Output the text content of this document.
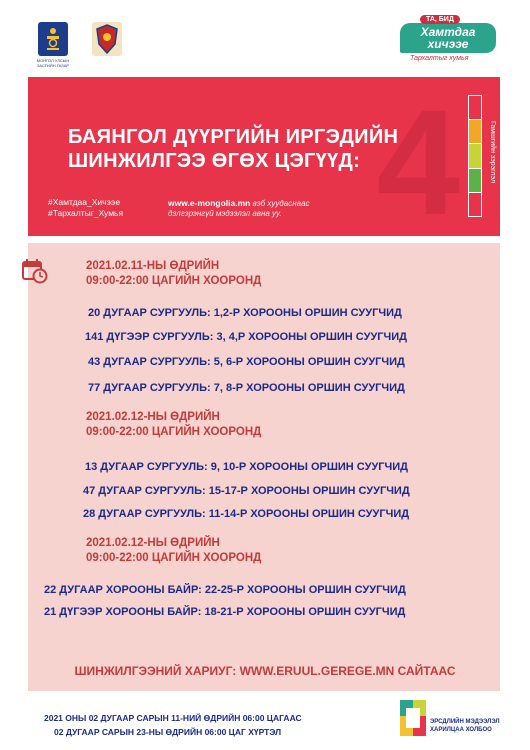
МОНГОЛ УЛСЫН ЗАСГИЙН ГАЗАР
Хамтдаа
хичээе
ТА, БИД
Тархалтыг хумья
4
БАЯНГОЛ ДҮҮРГИЙН ИРГЭДИЙН
ШИНЖИЛГЭЭ ӨГӨХ ЦЭГҮҮД:
#Хамтдаа_Хичээе
#Тархалтыг_Хумья
www.e-mongolia.mn вэб хуудаснаас
дэлгэрэнгүй мэдээлэл авна уу.
Гамшгийн зэрэглэл
2021.02.11-НЫ ӨДРИЙН
09:00-22:00 ЦАГИЙН ХООРОНД
20 ДУГААР СУРГУУЛЬ: 1,2-Р ХОРООНЫ ОРШИН СУУГЧИД
141 ДҮГЭЭР СУРГУУЛЬ: 3, 4,Р ХОРООНЫ ОРШИН СУУГЧИД
43 ДУГААР СУРГУУЛЬ: 5, 6-Р ХОРООНЫ ОРШИН СУУГЧИД
77 ДУГААР СУРГУУЛЬ: 7, 8-Р ХОРООНЫ ОРШИН СУУГЧИД
2021.02.12-НЫ ӨДРИЙН
09:00-22:00 ЦАГИЙН ХООРОНД
13 ДУГААР СУРГУУЛЬ: 9, 10-Р ХОРООНЫ ОРШИН СУУГЧИД
47 ДУГААР СУРГУУЛЬ: 15-17-Р ХОРООНЫ ОРШИН СУУГЧИД
28 ДУГААР СУРГУУЛЬ: 11-14-Р ХОРООНЫ ОРШИН СУУГЧИД
2021.02.12-НЫ ӨДРИЙН
09:00-22:00 ЦАГИЙН ХООРОНД
22 ДУГААР ХОРООНЫ БАЙР: 22-25-Р ХОРООНЫ ОРШИН СУУГЧИД
21 ДҮГЭЭР ХОРООНЫ БАЙР: 18-21-Р ХОРООНЫ ОРШИН СУУГЧИД
ШИНЖИЛГЭЭНИЙ ХАРИУГ: WWW.ERUUL.GEREGE.MN САЙТААС
2021 ОНЫ 02 ДУГААР САРЫН 11-НИЙ ӨДРИЙН 06:00 ЦАГААС
02 ДУГААР САРЫН 23-НЫ ӨДРИЙН 06:00 ЦАГ ХҮРТЭЛ
ЭРСДЛИЙН МЭДЭЭЛЭЛ
ХАРИЛЦАА ХОЛБОО
